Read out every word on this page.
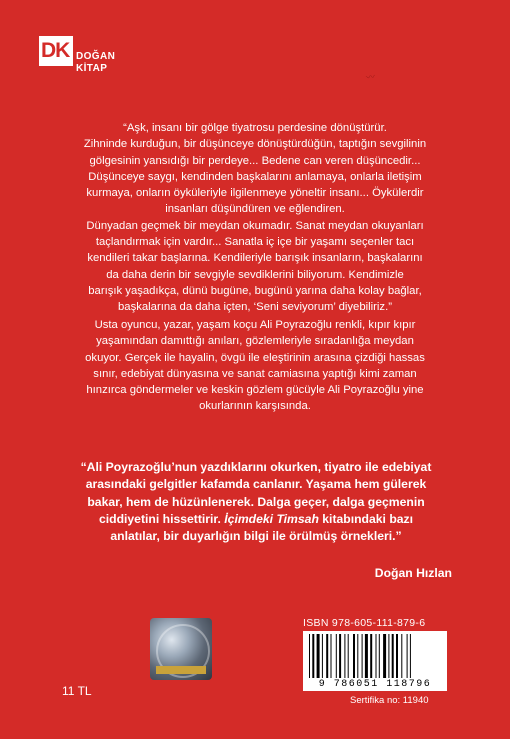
DK DOĞAN
KİTAP
〰

“Aşk, insanı bir gölge tiyatrosu perdesine dönüştürür.
Zihninde kurduğun, bir düşünceye dönüştürdüğün, taptığın sevgilinin
gölgesinin yansıdığı bir perdeye... Bedene can veren düşüncedir...
Düşünceye saygı, kendinden başkalarını anlamaya, onlarla iletişim
kurmaya, onların öyküleriyle ilgilenmeye yöneltir insanı... Öykülerdir
insanları düşündüren ve eğlendiren.
Dünyadan geçmek bir meydan okumadır. Sanat meydan okuyanları
taçlandırmak için vardır... Sanatla iç içe bir yaşamı seçenler tacı
kendileri takar başlarına. Kendileriyle barışık insanların, başkalarını
da daha derin bir sevgiyle sevdiklerini biliyorum. Kendimizle
barışık yaşadıkça, dünü bugüne, bugünü yarına daha kolay bağlar,
başkalarına da daha içten, ‘Seni seviyorum’ diyebiliriz.”

Usta oyuncu, yazar, yaşam koçu Ali Poyrazoğlu renkli, kıpır kıpır
yaşamından damıttığı anıları, gözlemleriyle sıradanlığa meydan
okuyor. Gerçek ile hayalin, övgü ile eleştirinin arasına çizdiği hassas
sınır, edebiyat dünyasına ve sanat camiasına yaptığı kimi zaman
hınzırca göndermeler ve keskin gözlem gücüyle Ali Poyrazoğlu yine
okurlarının karşısında.

“Ali Poyrazoğlu’nun yazdıklarını okurken, tiyatro ile edebiyat
arasındaki gelgitler kafamda canlanır. Yaşama hem gülerek
bakar, hem de hüzünlenerek. Dalga geçer, dalga geçmenin
ciddiyetini hissettirir. İçimdeki Timsah kitabındaki bazı
anlatılar, bir duyarlığın bilgi ile örülmüş örnekleri.”

Doğan Hızlan
11 TL
ISBN 978-605-111-879-6
9 786051 118796
Sertifika no: 11940
